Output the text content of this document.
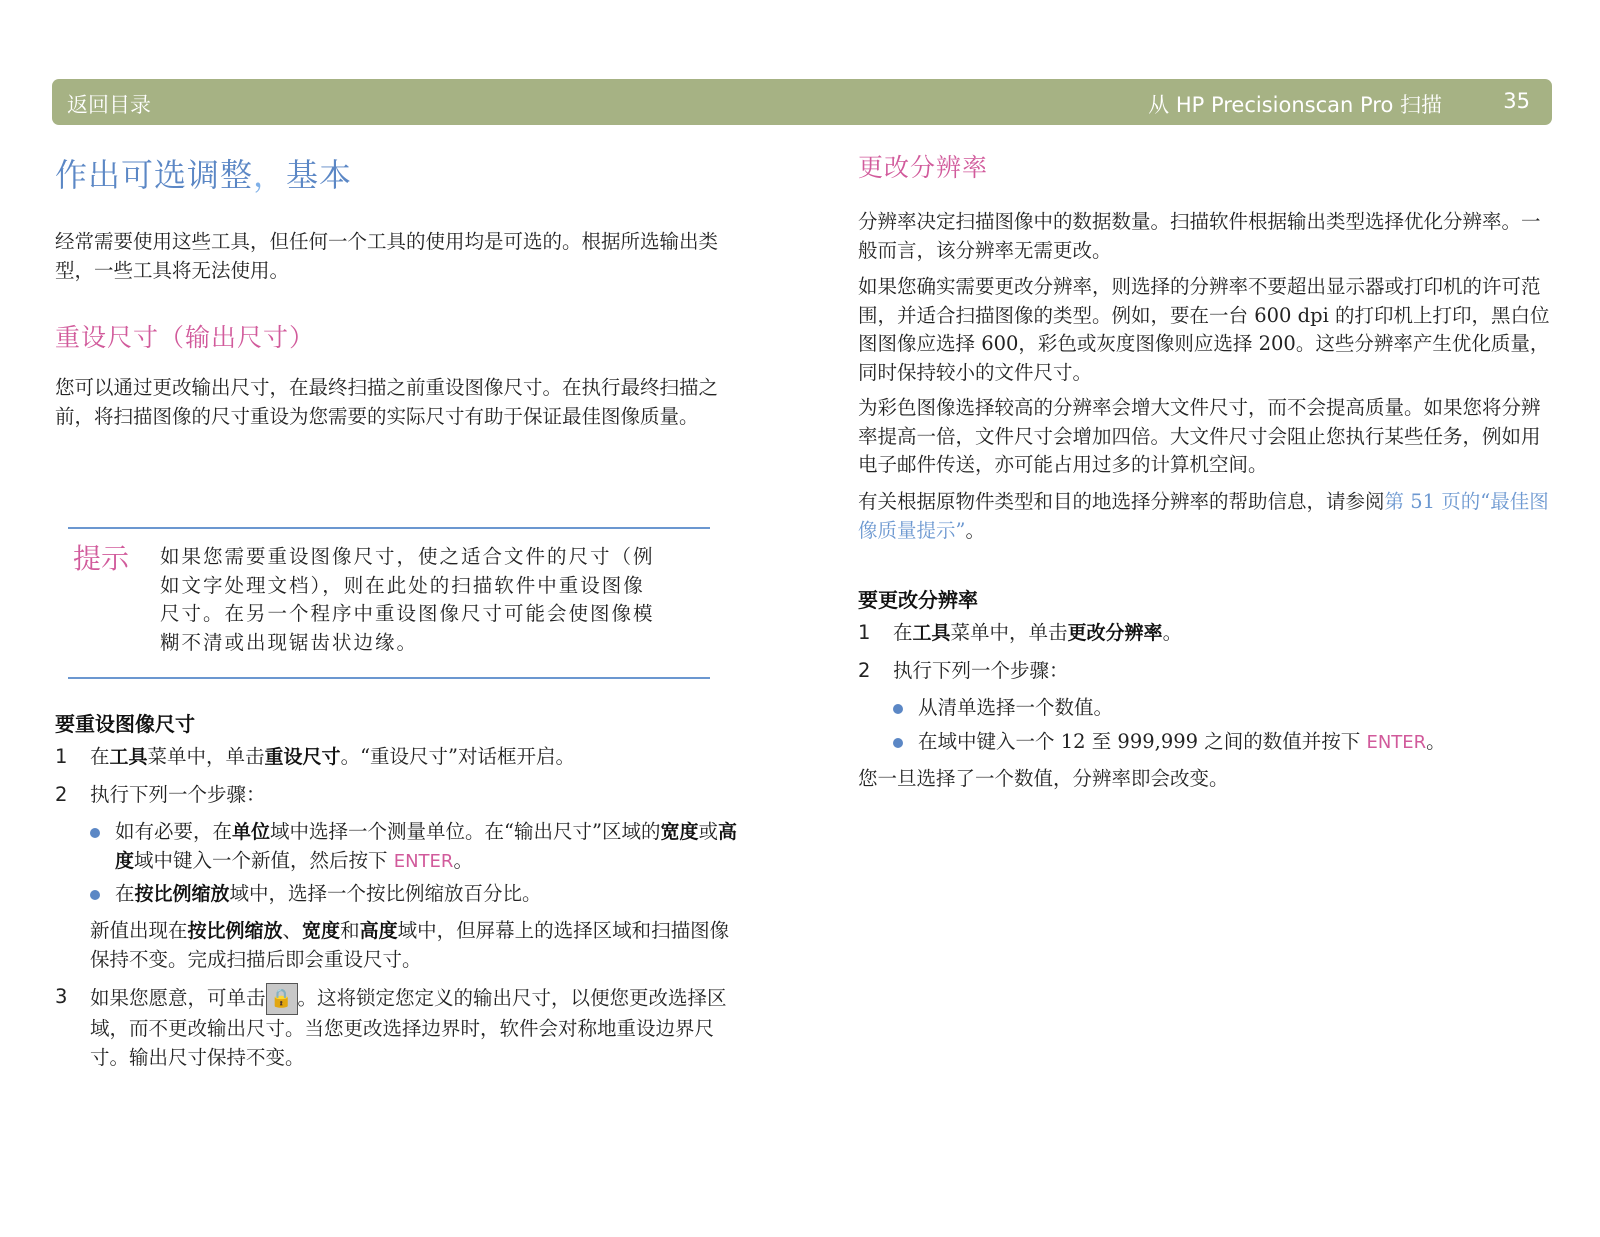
返回目录	从 HP Precisionscan Pro 扫描	35
作出可选调整，基本

经常需要使用这些工具，但任何一个工具的使用均是可选的。根据所选输出类型，一些工具将无法使用。

重设尺寸（输出尺寸）

您可以通过更改输出尺寸，在最终扫描之前重设图像尺寸。在执行最终扫描之前，将扫描图像的尺寸重设为您需要的实际尺寸有助于保证最佳图像质量。

提示 如果您需要重设图像尺寸，使之适合文件的尺寸（例如文字处理文档），则在此处的扫描软件中重设图像尺寸。在另一个程序中重设图像尺寸可能会使图像模糊不清或出现锯齿状边缘。

要重设图像尺寸

1 在工具菜单中，单击重设尺寸。“重设尺寸”对话框开启。
2 执行下列一个步骤：
如有必要，在单位域中选择一个测量单位。在“输出尺寸”区域的宽度或高度域中键入一个新值，然后按下 ENTER。
在按比例缩放域中，选择一个按比例缩放百分比。

新值出现在按比例缩放、宽度和高度域中，但屏幕上的选择区域和扫描图像保持不变。完成扫描后即会重设尺寸。

3 如果您愿意，可单击 🔒 。这将锁定您定义的输出尺寸，以便您更改选择区域，而不更改输出尺寸。当您更改选择边界时，软件会对称地重设边界尺寸。输出尺寸保持不变。
更改分辨率

分辨率决定扫描图像中的数据数量。扫描软件根据输出类型选择优化分辨率。一般而言，该分辨率无需更改。

如果您确实需要更改分辨率，则选择的分辨率不要超出显示器或打印机的许可范围，并适合扫描图像的类型。例如，要在一台 600 dpi 的打印机上打印，黑白位图图像应选择 600，彩色或灰度图像则应选择 200。这些分辨率产生优化质量，同时保持较小的文件尺寸。

为彩色图像选择较高的分辨率会增大文件尺寸，而不会提高质量。如果您将分辨率提高一倍，文件尺寸会增加四倍。大文件尺寸会阻止您执行某些任务，例如用电子邮件传送，亦可能占用过多的计算机空间。

有关根据原物件类型和目的地选择分辨率的帮助信息，请参阅第 51 页的“最佳图像质量提示”。

要更改分辨率

1 在工具菜单中，单击更改分辨率。
2 执行下列一个步骤：
从清单选择一个数值。
在域中键入一个 12 至 999,999 之间的数值并按下 ENTER。

您一旦选择了一个数值，分辨率即会改变。
